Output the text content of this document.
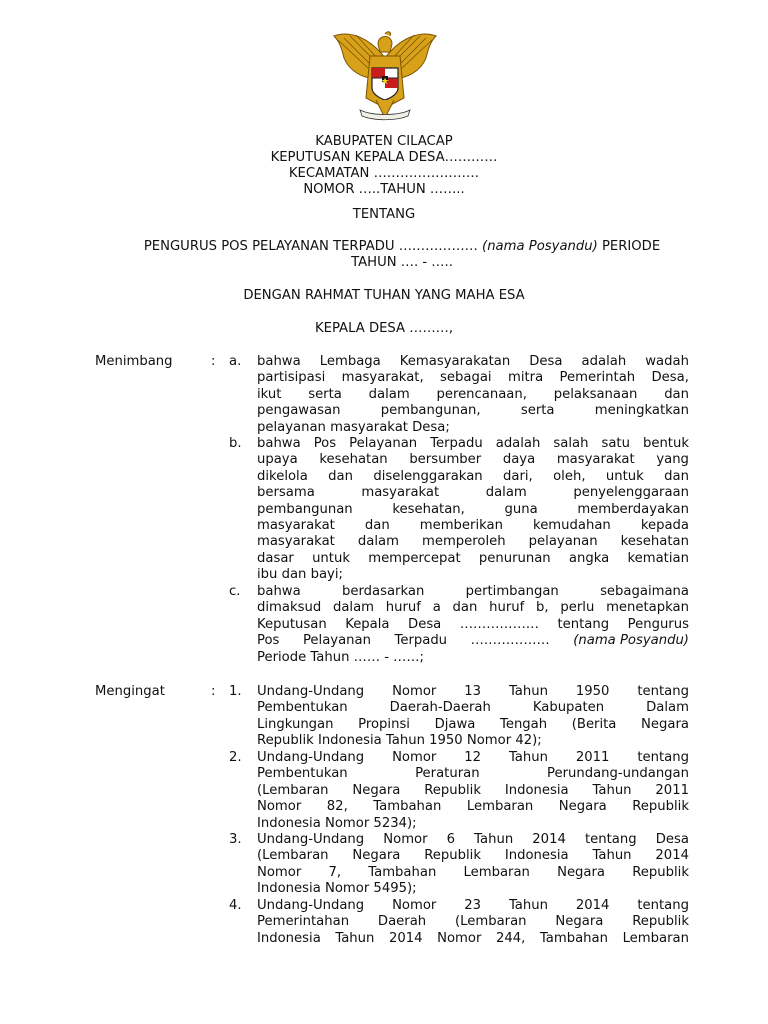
KABUPATEN CILACAP
KEPUTUSAN KEPALA DESA…………
KECAMATAN ……………………
NOMOR …..TAHUN ……..
TENTANG
PENGURUS POS PELAYANAN TERPADU ……………… (nama Posyandu) PERIODE
TAHUN …. - …..
DENGAN RAHMAT TUHAN YANG MAHA ESA
KEPALA DESA ………,
Menimbang	: a. bahwa Lembaga Kemasyarakatan Desa adalah wadah
partisipasi masyarakat, sebagai mitra Pemerintah Desa,
ikut serta dalam perencanaan, pelaksanaan dan
pengawasan	pembangunan,	serta	meningkatkan
pelayanan masyarakat Desa;
b. bahwa Pos Pelayanan Terpadu adalah salah satu bentuk
upaya kesehatan bersumber daya masyarakat yang
dikelola dan diselenggarakan dari, oleh, untuk dan
bersama	masyarakat	dalam	penyelenggaraan
pembangunan	kesehatan,	guna	memberdayakan
masyarakat dan memberikan kemudahan kepada
masyarakat dalam memperoleh pelayanan kesehatan
dasar untuk mempercepat penurunan angka kematian
ibu dan bayi;
c. bahwa	berdasarkan	pertimbangan	sebagaimana
dimaksud dalam huruf a dan huruf b, perlu menetapkan
Keputusan Kepala Desa ……………… tentang Pengurus
Pos Pelayanan Terpadu ……………… (nama Posyandu)
Periode Tahun …… - ……;
Mengingat	: 1. Undang-Undang Nomor 13 Tahun 1950 tentang
Pembentukan	Daerah-Daerah	Kabupaten	Dalam
Lingkungan Propinsi Djawa Tengah (Berita Negara
Republik Indonesia Tahun 1950 Nomor 42);
2. Undang-Undang Nomor 12 Tahun 2011 tentang
Pembentukan	Peraturan	Perundang-undangan
(Lembaran Negara Republik Indonesia Tahun 2011
Nomor 82, Tambahan Lembaran Negara Republik
Indonesia Nomor 5234);
3. Undang-Undang Nomor 6 Tahun 2014 tentang Desa
(Lembaran Negara Republik Indonesia Tahun 2014
Nomor 7, Tambahan Lembaran Negara Republik
Indonesia Nomor 5495);
4. Undang-Undang Nomor 23 Tahun 2014 tentang
Pemerintahan Daerah (Lembaran Negara Republik
Indonesia Tahun 2014 Nomor 244, Tambahan Lembaran
